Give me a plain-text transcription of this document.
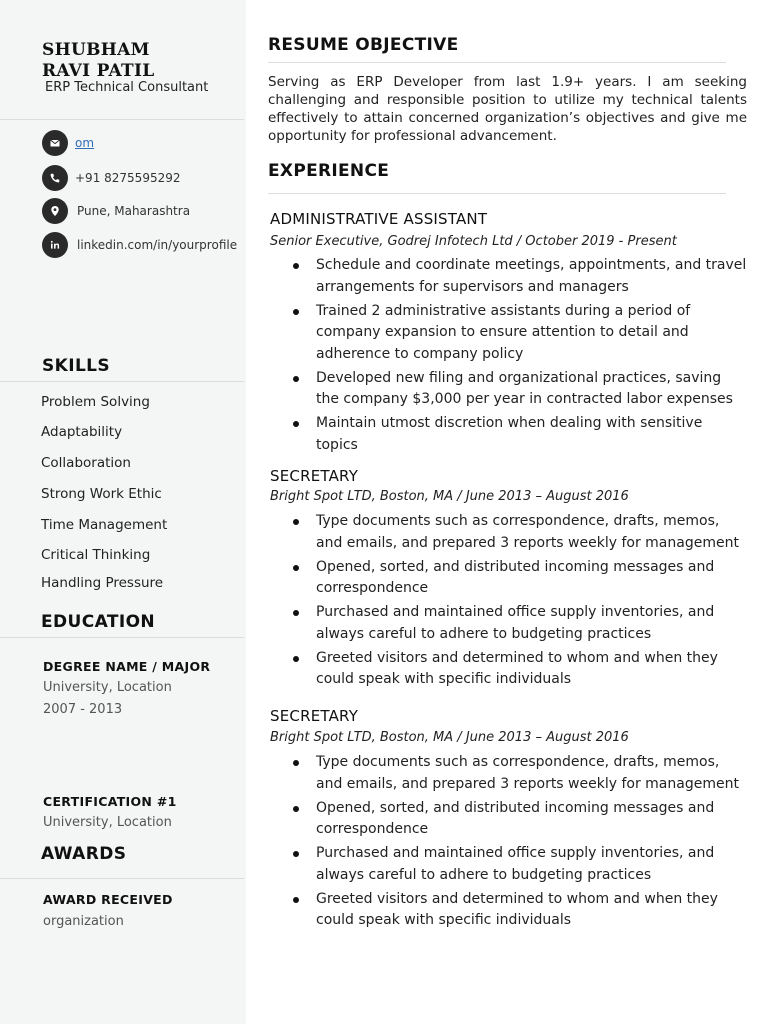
SHUBHAM
RAVI PATIL
ERP Technical Consultant
om
+91 8275595292
Pune, Maharashtra
linkedin.com/in/yourprofile
SKILLS
Problem Solving
Adaptability
Collaboration
Strong Work Ethic
Time Management
Critical Thinking
Handling Pressure
EDUCATION
DEGREE NAME / MAJOR
University, Location
2007 - 2013
CERTIFICATION #1
University, Location
AWARDS
AWARD RECEIVED
organization
RESUME OBJECTIVE

Serving as ERP Developer from last 1.9+ years. I am seeking challenging and responsible position to utilize my technical talents effectively to attain concerned organization’s objectives and give me opportunity for professional advancement.

EXPERIENCE
ADMINISTRATIVE ASSISTANT
Senior Executive, Godrej Infotech Ltd / October 2019 - Present
Schedule and coordinate meetings, appointments, and travel arrangements for supervisors and managers
Trained 2 administrative assistants during a period of company expansion to ensure attention to detail and adherence to company policy
Developed new filing and organizational practices, saving the company $3,000 per year in contracted labor expenses
Maintain utmost discretion when dealing with sensitive topics
SECRETARY
Bright Spot LTD, Boston, MA / June 2013 – August 2016
Type documents such as correspondence, drafts, memos, and emails, and prepared 3 reports weekly for management
Opened, sorted, and distributed incoming messages and correspondence
Purchased and maintained office supply inventories, and always careful to adhere to budgeting practices
Greeted visitors and determined to whom and when they could speak with specific individuals
SECRETARY
Bright Spot LTD, Boston, MA / June 2013 – August 2016
Type documents such as correspondence, drafts, memos, and emails, and prepared 3 reports weekly for management
Opened, sorted, and distributed incoming messages and correspondence
Purchased and maintained office supply inventories, and always careful to adhere to budgeting practices
Greeted visitors and determined to whom and when they could speak with specific individuals
